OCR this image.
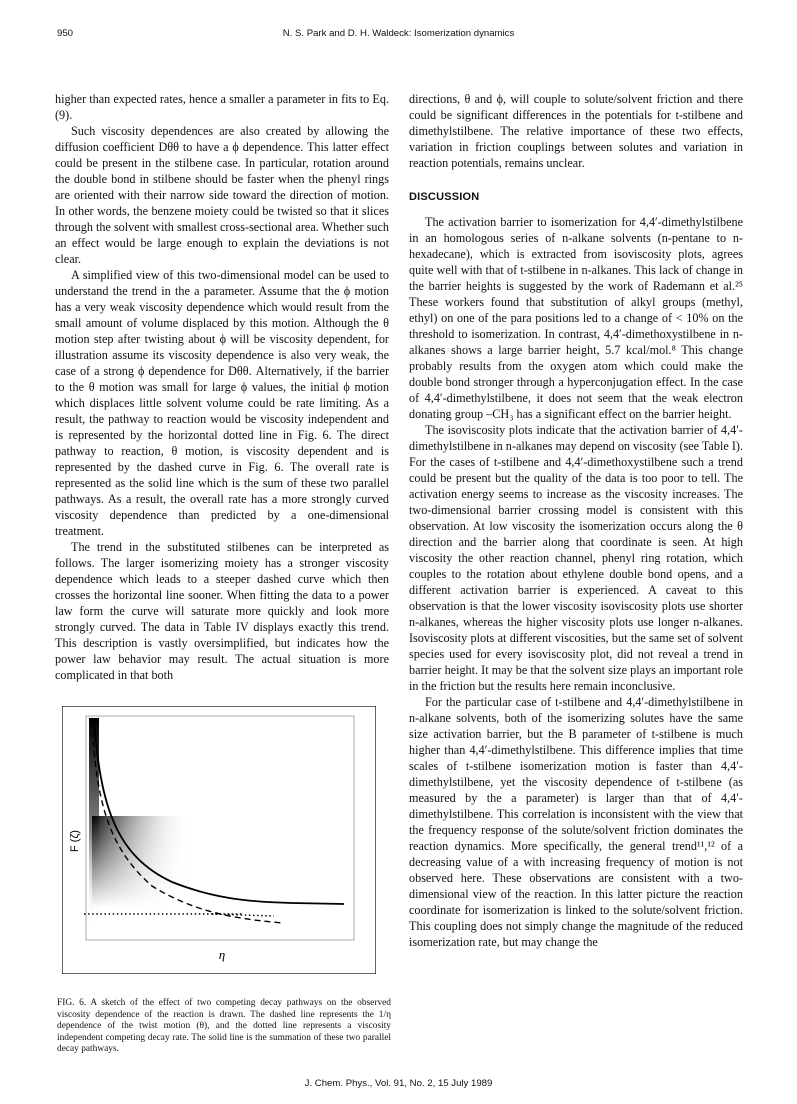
950	N. S. Park and D. H. Waldeck: Isomerization dynamics

higher than expected rates, hence a smaller a parameter in fits to Eq. (9).

Such viscosity dependences are also created by allowing the diffusion coefficient Dθθ to have a ϕ dependence. This latter effect could be present in the stilbene case. In particular, rotation around the double bond in stilbene should be faster when the phenyl rings are oriented with their narrow side toward the direction of motion. In other words, the benzene moiety could be twisted so that it slices through the solvent with smallest cross-sectional area. Whether such an effect would be large enough to explain the deviations is not clear.

A simplified view of this two-dimensional model can be used to understand the trend in the a parameter. Assume that the ϕ motion has a very weak viscosity dependence which would result from the small amount of volume displaced by this motion. Although the θ motion step after twisting about ϕ will be viscosity dependent, for illustration assume its viscosity dependence is also very weak, the case of a strong ϕ dependence for Dθθ. Alternatively, if the barrier to the θ motion was small for large ϕ values, the initial ϕ motion which displaces little solvent volume could be rate limiting. As a result, the pathway to reaction would be viscosity independent and is represented by the horizontal dotted line in Fig. 6. The direct pathway to reaction, θ motion, is viscosity dependent and is represented by the dashed curve in Fig. 6. The overall rate is represented as the solid line which is the sum of these two parallel pathways. As a result, the overall rate has a more strongly curved viscosity dependence than predicted by a one-dimensional treatment.

The trend in the substituted stilbenes can be interpreted as follows. The larger isomerizing moiety has a stronger viscosity dependence which leads to a steeper dashed curve which then crosses the horizontal line sooner. When fitting the data to a power law form the curve will saturate more quickly and look more strongly curved. The data in Table IV displays exactly this trend. This description is vastly oversimplified, but indicates how the power law behavior may result. The actual situation is more complicated in that both

F (ζ)
η
FIG. 6. A sketch of the effect of two competing decay pathways on the observed viscosity dependence of the reaction is drawn. The dashed line represents the 1/η dependence of the twist motion (θ), and the dotted line represents a viscosity independent competing decay rate. The solid line is the summation of these two parallel decay pathways.

directions, θ and ϕ, will couple to solute/solvent friction and there could be significant differences in the potentials for t-stilbene and dimethylstilbene. The relative importance of these two effects, variation in friction couplings between solutes and variation in reaction potentials, remains unclear.

DISCUSSION

The activation barrier to isomerization for 4,4′-dimethylstilbene in an homologous series of n-alkane solvents (n-pentane to n-hexadecane), which is extracted from isoviscosity plots, agrees quite well with that of t-stilbene in n-alkanes. This lack of change in the barrier heights is suggested by the work of Rademann et al.²⁵ These workers found that substitution of alkyl groups (methyl, ethyl) on one of the para positions led to a change of < 10% on the threshold to isomerization. In contrast, 4,4′-dimethoxystilbene in n-alkanes shows a large barrier height, 5.7 kcal/mol.⁸ This change probably results from the oxygen atom which could make the double bond stronger through a hyperconjugation effect. In the case of 4,4′-dimethylstilbene, it does not seem that the weak electron donating group –CH₃ has a significant effect on the barrier height.

The isoviscosity plots indicate that the activation barrier of 4,4′-dimethylstilbene in n-alkanes may depend on viscosity (see Table I). For the cases of t-stilbene and 4,4′-dimethoxystilbene such a trend could be present but the quality of the data is too poor to tell. The activation energy seems to increase as the viscosity increases. The two-dimensional barrier crossing model is consistent with this observation. At low viscosity the isomerization occurs along the θ direction and the barrier along that coordinate is seen. At high viscosity the other reaction channel, phenyl ring rotation, which couples to the rotation about ethylene double bond opens, and a different activation barrier is experienced. A caveat to this observation is that the lower viscosity isoviscosity plots use shorter n-alkanes, whereas the higher viscosity plots use longer n-alkanes. Isoviscosity plots at different viscosities, but the same set of solvent species used for every isoviscosity plot, did not reveal a trend in barrier height. It may be that the solvent size plays an important role in the friction but the results here remain inconclusive.

For the particular case of t-stilbene and 4,4′-dimethylstilbene in n-alkane solvents, both of the isomerizing solutes have the same size activation barrier, but the B parameter of t-stilbene is much higher than 4,4′-dimethylstilbene. This difference implies that time scales of t-stilbene isomerization motion is faster than 4,4′-dimethylstilbene, yet the viscosity dependence of t-stilbene (as measured by the a parameter) is larger than that of 4,4′-dimethylstilbene. This correlation is inconsistent with the view that the frequency response of the solute/solvent friction dominates the reaction dynamics. More specifically, the general trend¹¹,¹² of a decreasing value of a with increasing frequency of motion is not observed here. These observations are consistent with a two-dimensional view of the reaction. In this latter picture the reaction coordinate for isomerization is linked to the solute/solvent friction. This coupling does not simply change the magnitude of the reduced isomerization rate, but may change the

J. Chem. Phys., Vol. 91, No. 2, 15 July 1989
